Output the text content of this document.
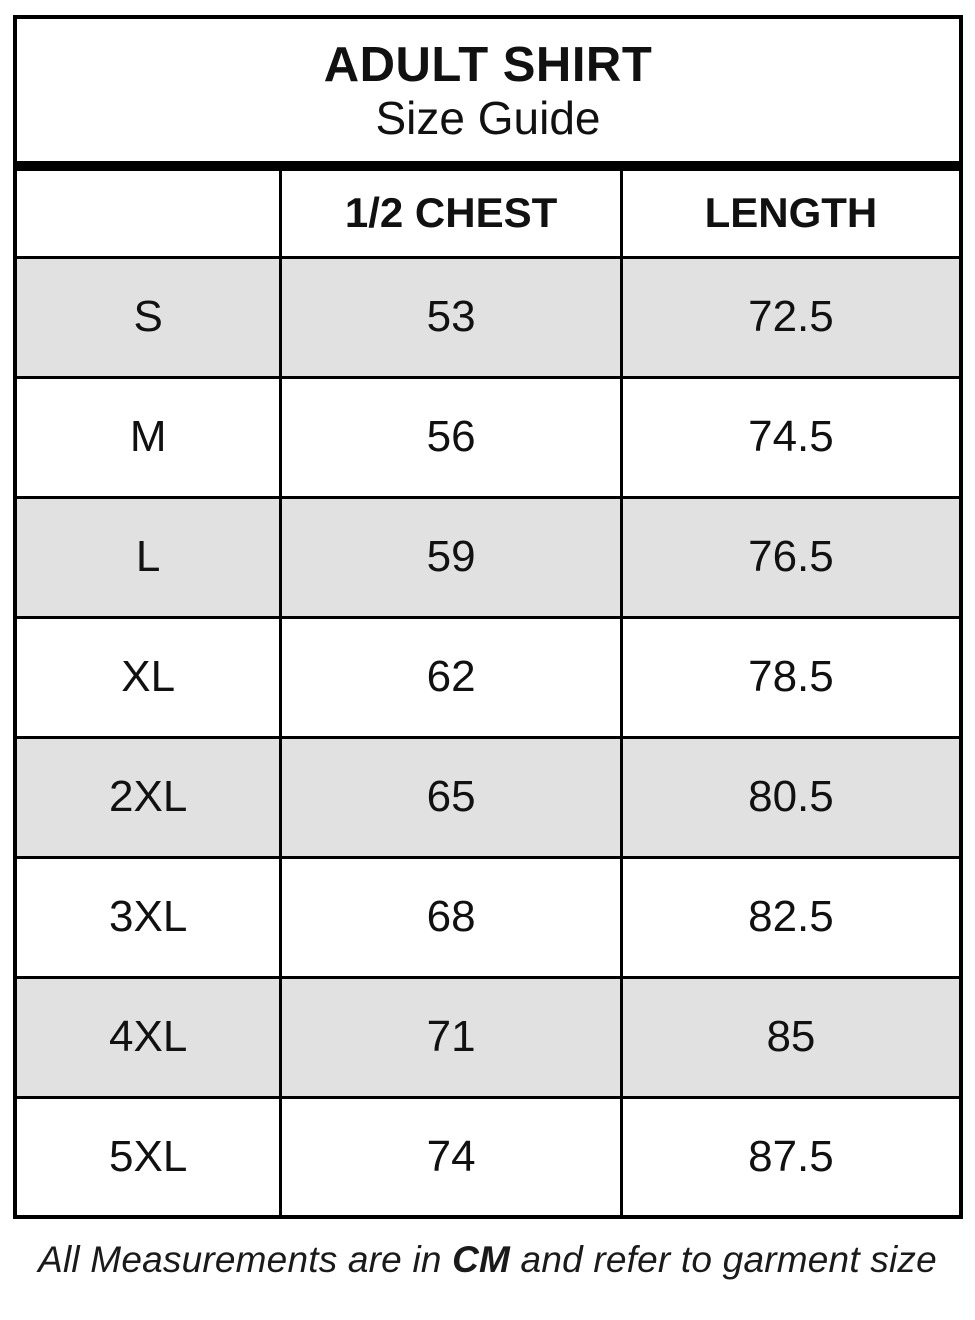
ADULT SHIRT
Size Guide		

	1/2 CHEST	LENGTH
S	53	72.5
M	56	74.5
L	59	76.5
XL	62	78.5
2XL	65	80.5
3XL	68	82.5
4XL	71	85
5XL	74	87.5
All Measurements are in CM and refer to garment size
